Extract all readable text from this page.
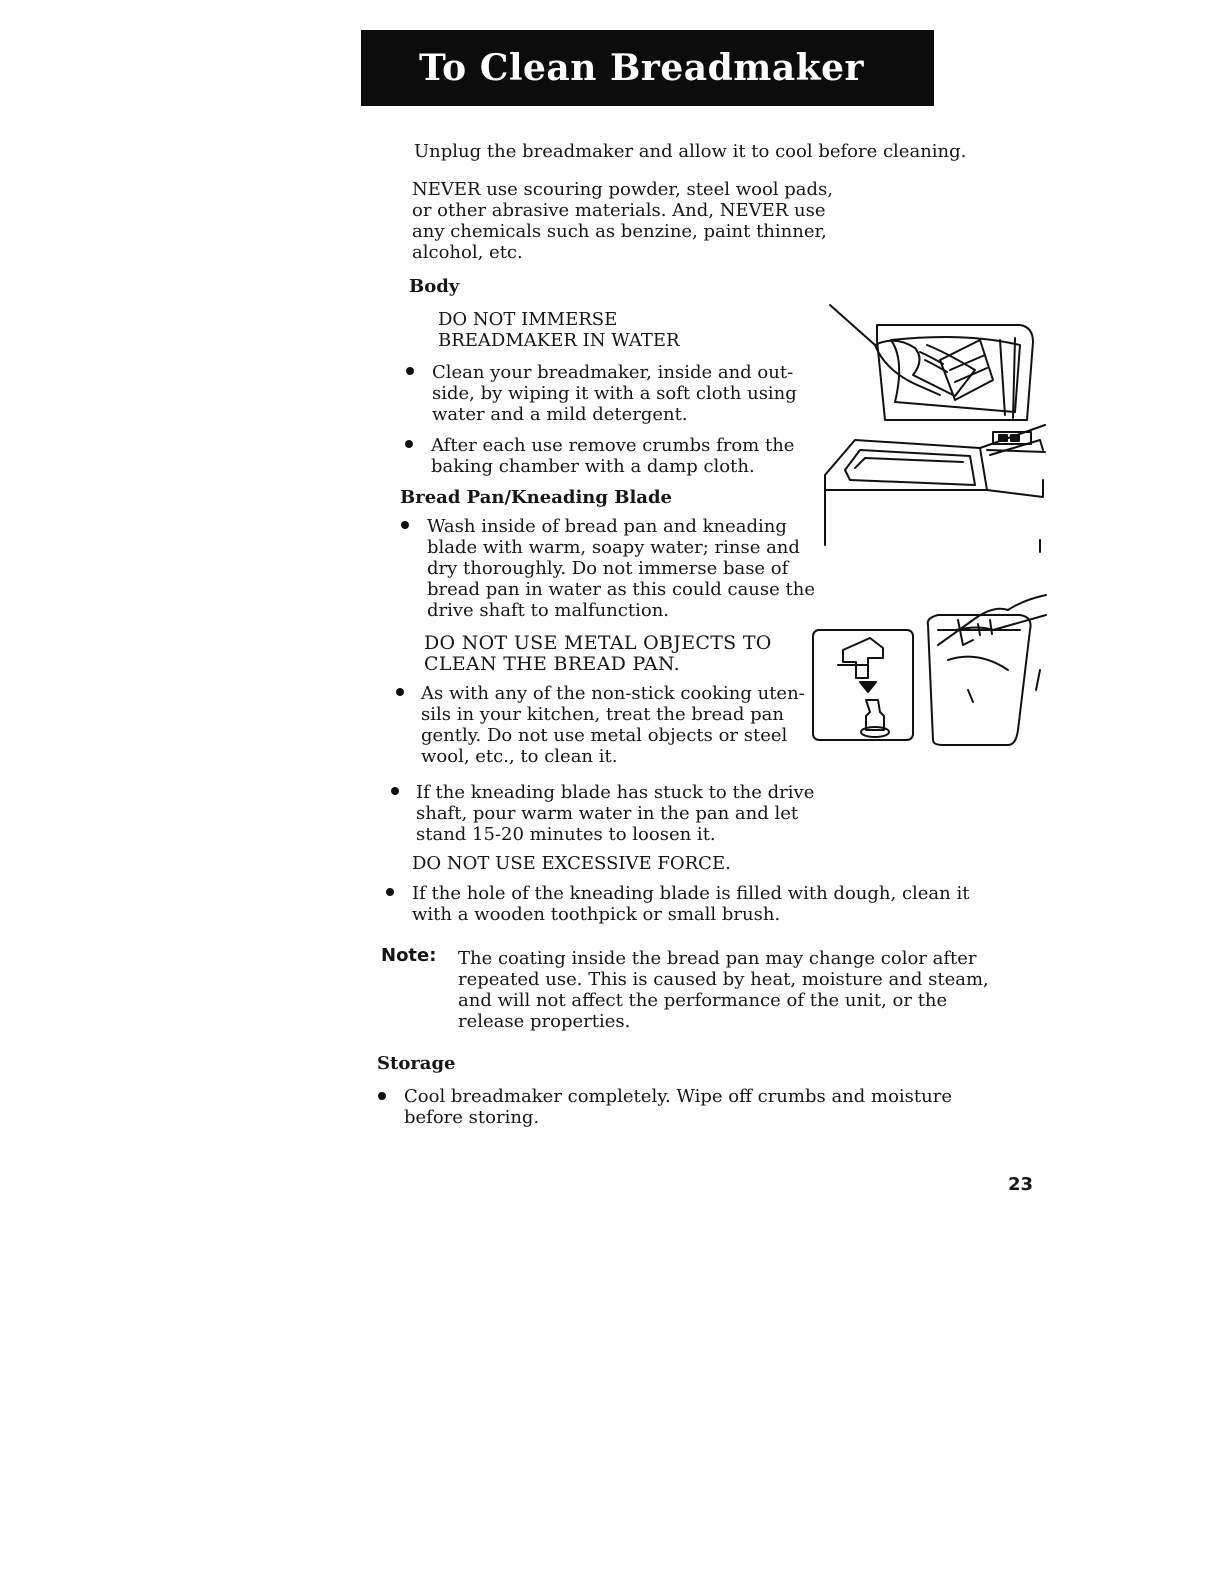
To Clean Breadmaker
Unplug the breadmaker and allow it to cool before cleaning.
NEVER use scouring powder, steel wool pads,
or other abrasive materials. And, NEVER use
any chemicals such as benzine, paint thinner,
alcohol, etc.
Body
DO NOT IMMERSE
BREADMAKER IN WATER
Clean your breadmaker, inside and out-
side, by wiping it with a soft cloth using
water and a mild detergent.
After each use remove crumbs from the
baking chamber with a damp cloth.
Bread Pan/Kneading Blade
Wash inside of bread pan and kneading
blade with warm, soapy water; rinse and
dry thoroughly. Do not immerse base of
bread pan in water as this could cause the
drive shaft to malfunction.
DO NOT USE METAL OBJECTS TO
CLEAN THE BREAD PAN.
As with any of the non-stick cooking uten-
sils in your kitchen, treat the bread pan
gently. Do not use metal objects or steel
wool, etc., to clean it.
If the kneading blade has stuck to the drive
shaft, pour warm water in the pan and let
stand 15-20 minutes to loosen it.
DO NOT USE EXCESSIVE FORCE.
If the hole of the kneading blade is filled with dough, clean it
with a wooden toothpick or small brush.
Note: The coating inside the bread pan may change color after
repeated use. This is caused by heat, moisture and steam,
and will not affect the performance of the unit, or the
release properties.
Storage
Cool breadmaker completely. Wipe off crumbs and moisture
before storing.
23
